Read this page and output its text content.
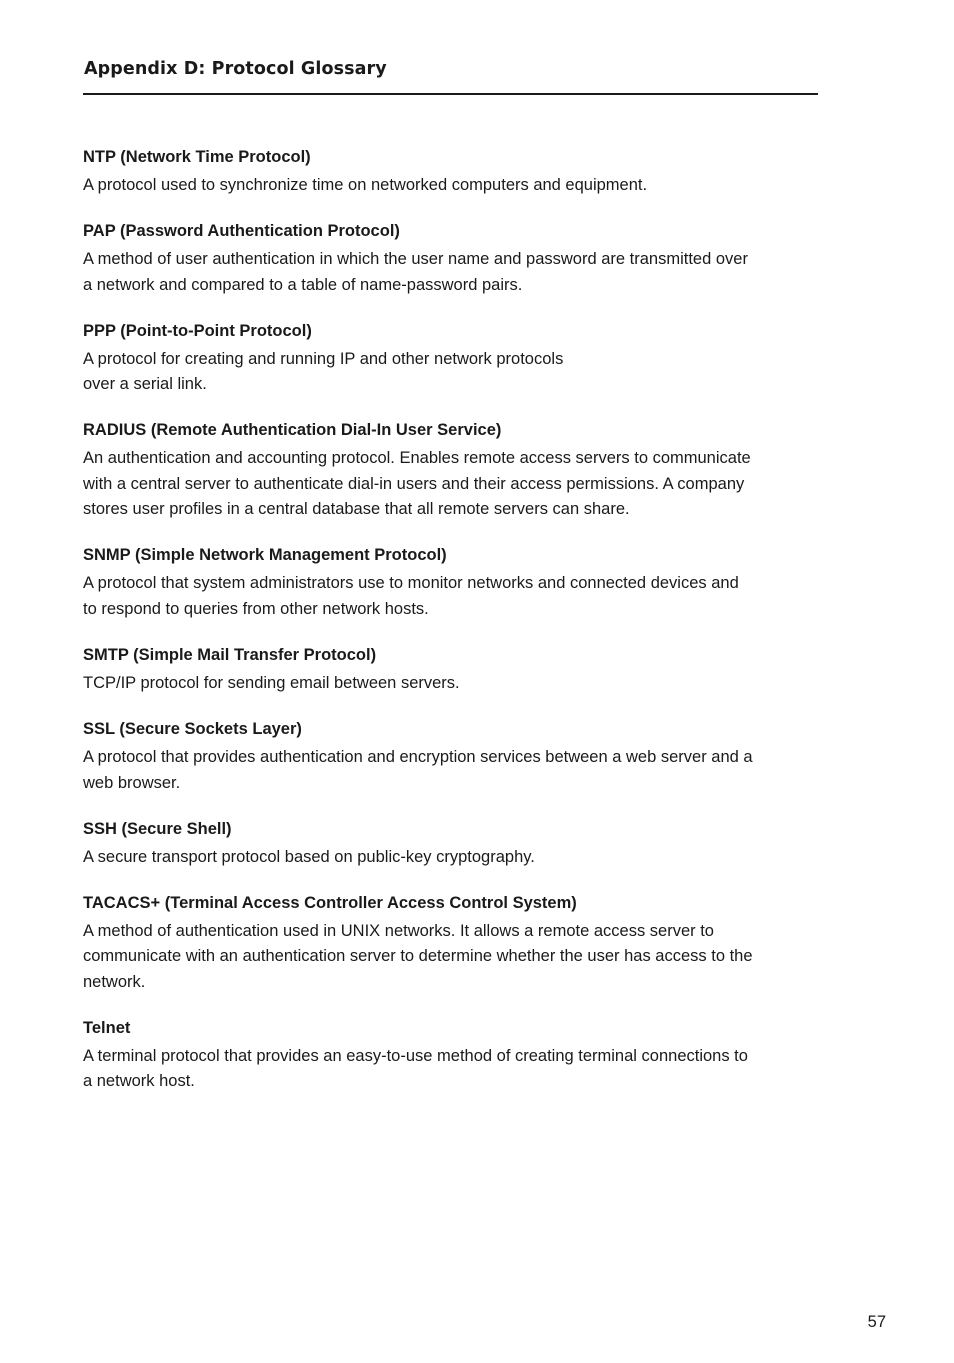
Appendix D: Protocol Glossary
NTP (Network Time Protocol)
A protocol used to synchronize time on networked computers and equipment.
PAP (Password Authentication Protocol)
A method of user authentication in which the user name and password are transmitted over
a network and compared to a table of name-password pairs.
PPP (Point-to-Point Protocol)
A protocol for creating and running IP and other network protocols
over a serial link.
RADIUS (Remote Authentication Dial-In User Service)
An authentication and accounting protocol. Enables remote access servers to communicate
with a central server to authenticate dial-in users and their access permissions. A company
stores user profiles in a central database that all remote servers can share.
SNMP (Simple Network Management Protocol)
A protocol that system administrators use to monitor networks and connected devices and
to respond to queries from other network hosts.
SMTP (Simple Mail Transfer Protocol)
TCP/IP protocol for sending email between servers.
SSL (Secure Sockets Layer)
A protocol that provides authentication and encryption services between a web server and a
web browser.
SSH (Secure Shell)
A secure transport protocol based on public-key cryptography.
TACACS+ (Terminal Access Controller Access Control System)
A method of authentication used in UNIX networks. It allows a remote access server to
communicate with an authentication server to determine whether the user has access to the
network.
Telnet
A terminal protocol that provides an easy-to-use method of creating terminal connections to
a network host.
57
